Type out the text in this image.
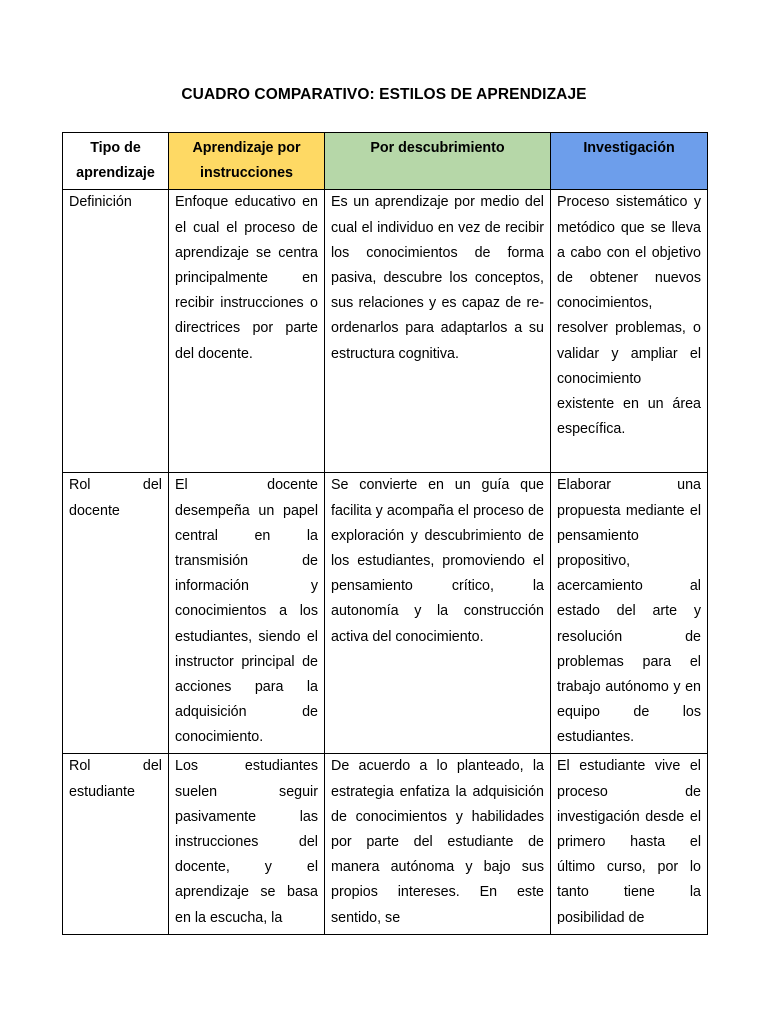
CUADRO COMPARATIVO: ESTILOS DE APRENDIZAJE
Tipo de aprendizaje	Aprendizaje por instrucciones	Por descubrimiento	Investigación
Definición	Enfoque educativo en el cual el proceso de aprendizaje se centra principalmente en recibir instrucciones o directrices por parte del docente.	Es un aprendizaje por medio del cual el individuo en vez de recibir los conocimientos de forma pasiva, descubre los conceptos, sus relaciones y es capaz de re- ordenarlos para adaptarlos a su estructura cognitiva.	Proceso sistemático y metódico que se lleva a cabo con el objetivo de obtener nuevos conocimientos, resolver problemas, o validar y ampliar el conocimiento existente en un área específica.
Rol del docente	El docente desempeña un papel central en la transmisión de información y conocimientos a los estudiantes, siendo el instructor principal de acciones para la adquisición de conocimiento.	Se convierte en un guía que facilita y acompaña el proceso de exploración y descubrimiento de los estudiantes, promoviendo el pensamiento crítico, la autonomía y la construcción activa del conocimiento.	Elaborar una propuesta mediante el pensamiento propositivo, acercamiento al estado del arte y resolución de problemas para el trabajo autónomo y en equipo de los estudiantes.

Rol del estudiante	Los estudiantes suelen seguir pasivamente las instrucciones del docente, y el aprendizaje se basa en la escucha, la	De acuerdo a lo planteado, la estrategia enfatiza la adquisición de conocimientos y habilidades por parte del estudiante de manera autónoma y bajo sus propios intereses. En este sentido, se	El estudiante vive el proceso de investigación desde el primero hasta el último curso, por lo tanto tiene la posibilidad de
